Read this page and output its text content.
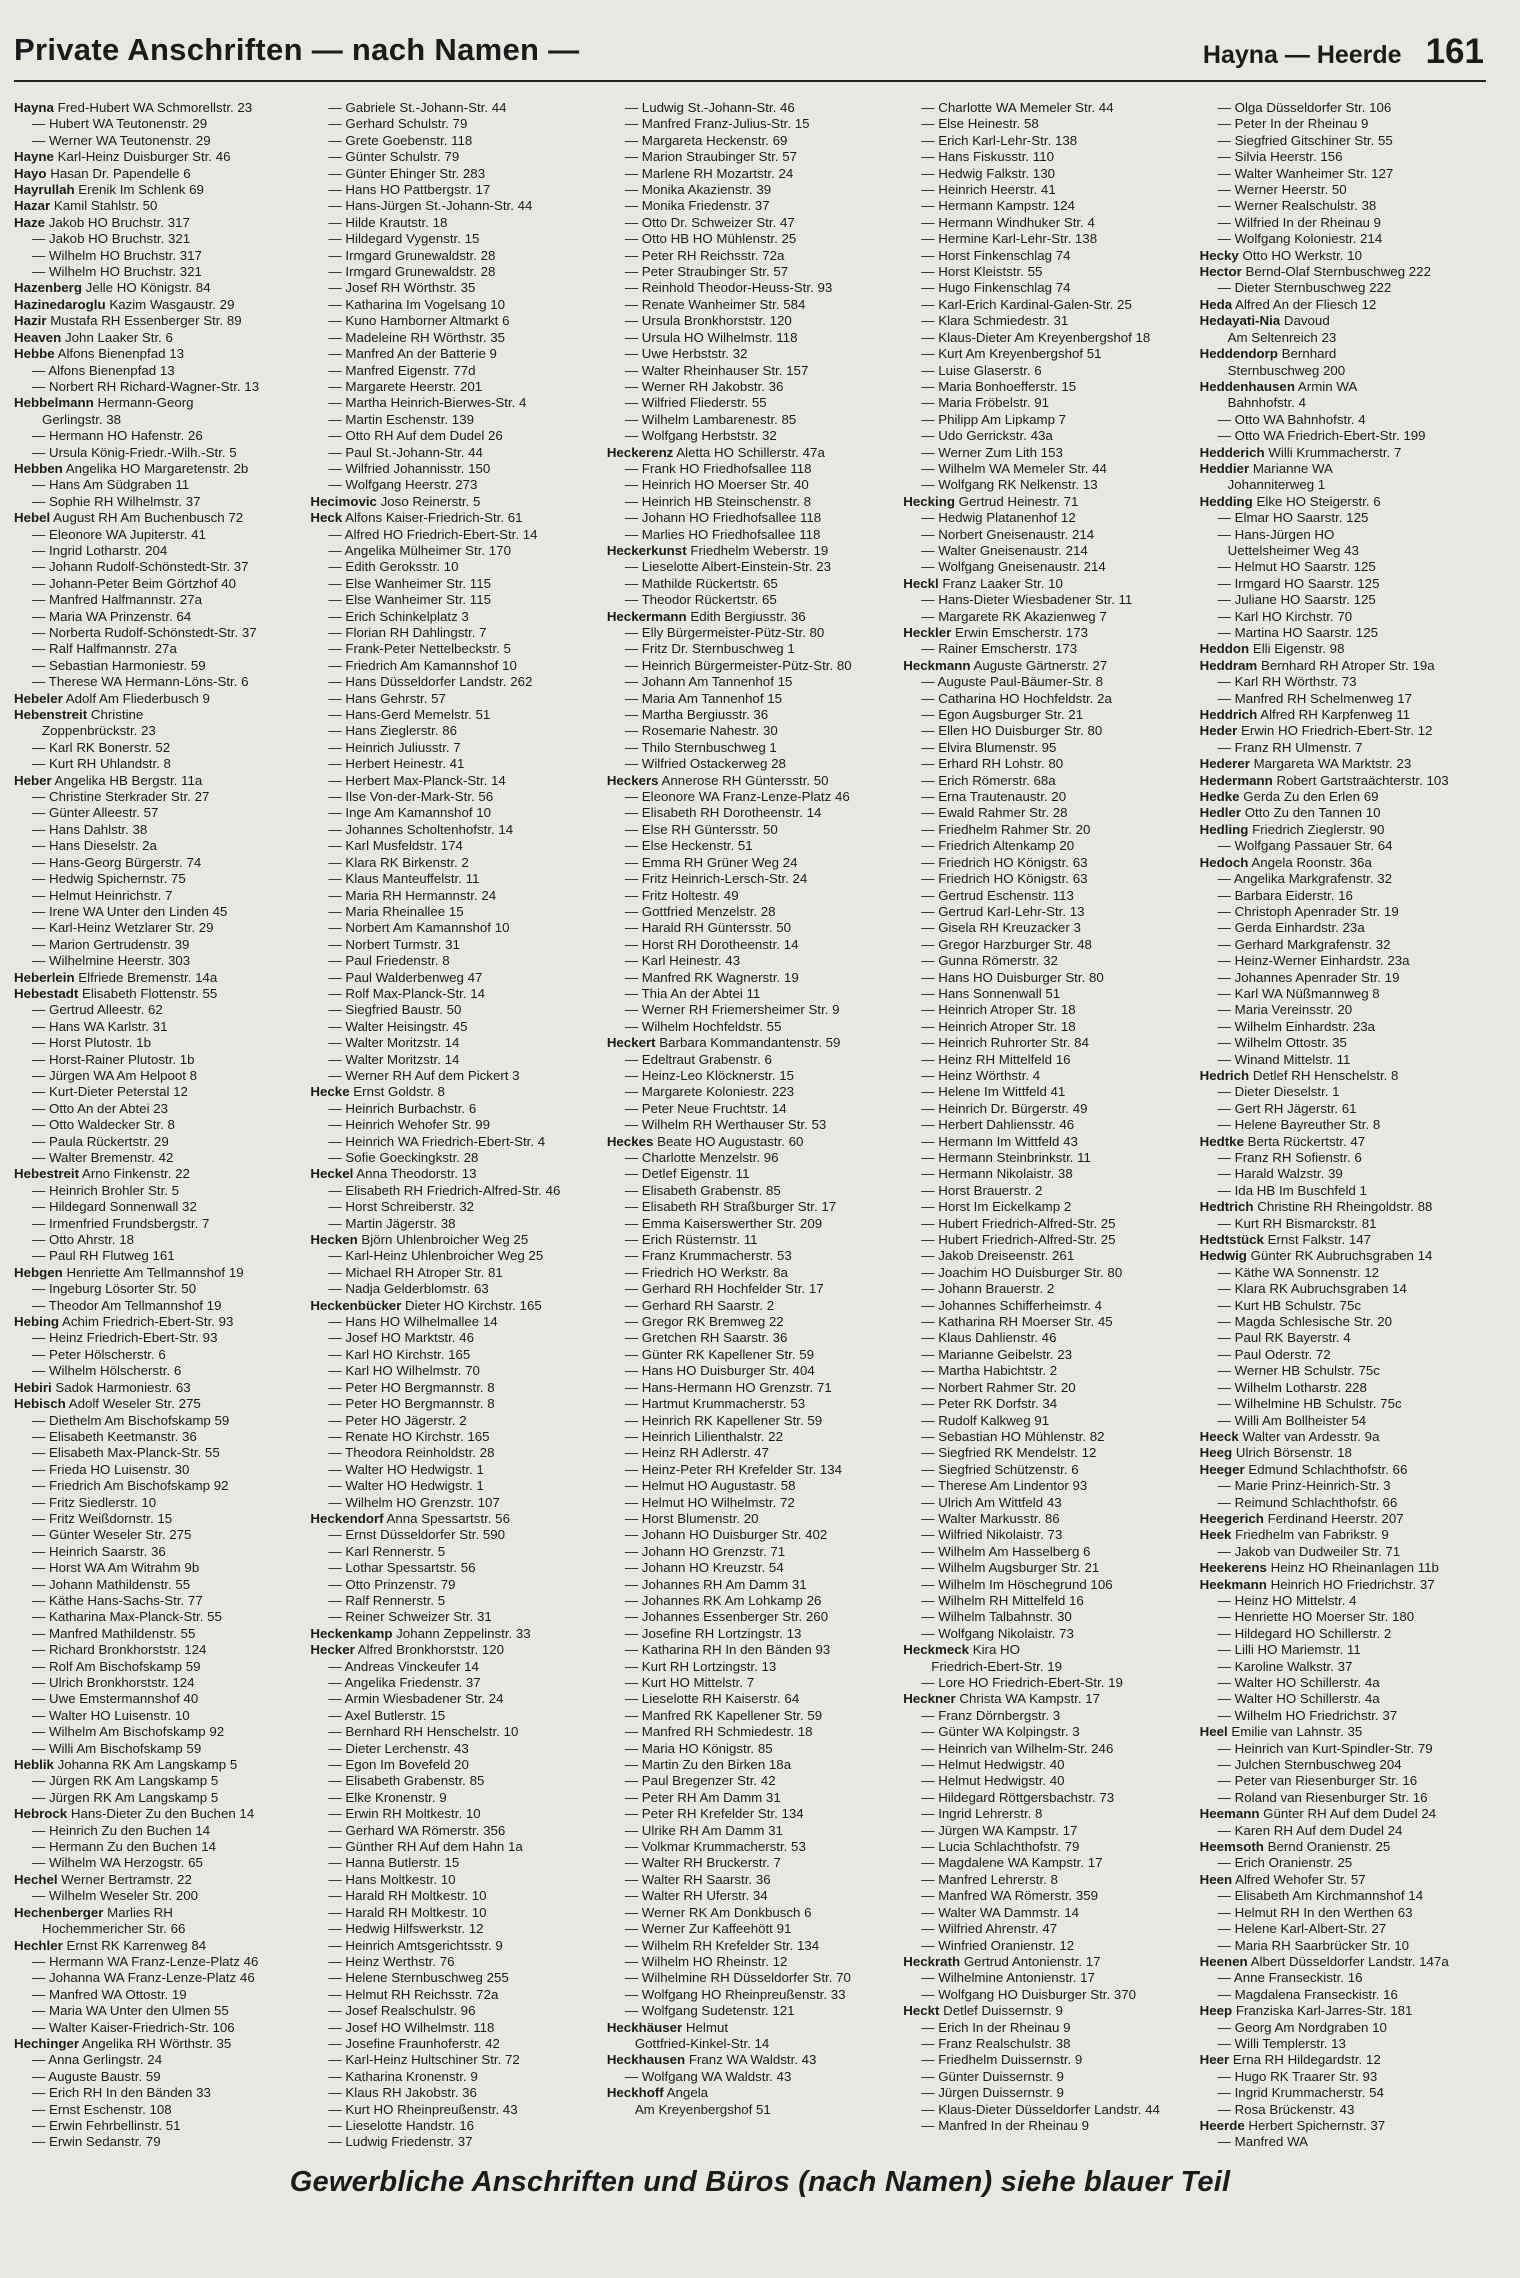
Private Anschriften — nach Namen —	Hayna — Heerde 161
Hayna Fred-Hubert WA Schmorellstr. 23
— Hubert WA Teutonenstr. 29
— Werner WA Teutonenstr. 29
Hayne Karl-Heinz Duisburger Str. 46
Hayo Hasan Dr. Papendelle 6
Hayrullah Erenik Im Schlenk 69
Hazar Kamil Stahlstr. 50
Haze Jakob HO Bruchstr. 317
— Jakob HO Bruchstr. 321
— Wilhelm HO Bruchstr. 317
— Wilhelm HO Bruchstr. 321
Hazenberg Jelle HO Königstr. 84
Hazinedaroglu Kazim Wasgaustr. 29
Hazir Mustafa RH Essenberger Str. 89
Heaven John Laaker Str. 6
Hebbe Alfons Bienenpfad 13
— Alfons Bienenpfad 13
— Norbert RH Richard-Wagner-Str. 13
Hebbelmann Hermann-Georg
Gerlingstr. 38
— Hermann HO Hafenstr. 26
— Ursula König-Friedr.-Wilh.-Str. 5
Hebben Angelika HO Margaretenstr. 2b
— Hans Am Südgraben 11
— Sophie RH Wilhelmstr. 37
Hebel August RH Am Buchenbusch 72
— Eleonore WA Jupiterstr. 41
— Ingrid Lotharstr. 204
— Johann Rudolf-Schönstedt-Str. 37
— Johann-Peter Beim Görtzhof 40
— Manfred Halfmannstr. 27a
— Maria WA Prinzenstr. 64
— Norberta Rudolf-Schönstedt-Str. 37
— Ralf Halfmannstr. 27a
— Sebastian Harmoniestr. 59
— Therese WA Hermann-Löns-Str. 6
Hebeler Adolf Am Fliederbusch 9
Hebenstreit Christine
Zoppenbrückstr. 23
— Karl RK Bonerstr. 52
— Kurt RH Uhlandstr. 8
Heber Angelika HB Bergstr. 11a
— Christine Sterkrader Str. 27
— Günter Alleestr. 57
— Hans Dahlstr. 38
— Hans Dieselstr. 2a
— Hans-Georg Bürgerstr. 74
— Hedwig Spichernstr. 75
— Helmut Heinrichstr. 7
— Irene WA Unter den Linden 45
— Karl-Heinz Wetzlarer Str. 29
— Marion Gertrudenstr. 39
— Wilhelmine Heerstr. 303
Heberlein Elfriede Bremenstr. 14a
Hebestadt Elisabeth Flottenstr. 55
— Gertrud Alleestr. 62
— Hans WA Karlstr. 31
— Horst Plutostr. 1b
— Horst-Rainer Plutostr. 1b
— Jürgen WA Am Helpoot 8
— Kurt-Dieter Peterstal 12
— Otto An der Abtei 23
— Otto Waldecker Str. 8
— Paula Rückertstr. 29
— Walter Bremenstr. 42
Hebestreit Arno Finkenstr. 22
— Heinrich Brohler Str. 5
— Hildegard Sonnenwall 32
— Irmenfried Frundsbergstr. 7
— Otto Ahrstr. 18
— Paul RH Flutweg 161
Hebgen Henriette Am Tellmannshof 19
— Ingeburg Lösorter Str. 50
— Theodor Am Tellmannshof 19
Hebing Achim Friedrich-Ebert-Str. 93
— Heinz Friedrich-Ebert-Str. 93
— Peter Hölscherstr. 6
— Wilhelm Hölscherstr. 6
Hebiri Sadok Harmoniestr. 63
Hebisch Adolf Weseler Str. 275
— Diethelm Am Bischofskamp 59
— Elisabeth Keetmanstr. 36
— Elisabeth Max-Planck-Str. 55
— Frieda HO Luisenstr. 30
— Friedrich Am Bischofskamp 92
— Fritz Siedlerstr. 10
— Fritz Weißdornstr. 15
— Günter Weseler Str. 275
— Heinrich Saarstr. 36
— Horst WA Am Witrahm 9b
— Johann Mathildenstr. 55
— Käthe Hans-Sachs-Str. 77
— Katharina Max-Planck-Str. 55
— Manfred Mathildenstr. 55
— Richard Bronkhorststr. 124
— Rolf Am Bischofskamp 59
— Ulrich Bronkhorststr. 124
— Uwe Emstermannshof 40
— Walter HO Luisenstr. 10
— Wilhelm Am Bischofskamp 92
— Willi Am Bischofskamp 59
Heblik Johanna RK Am Langskamp 5
— Jürgen RK Am Langskamp 5
— Jürgen RK Am Langskamp 5
Hebrock Hans-Dieter Zu den Buchen 14
— Heinrich Zu den Buchen 14
— Hermann Zu den Buchen 14
— Wilhelm WA Herzogstr. 65
Hechel Werner Bertramstr. 22
— Wilhelm Weseler Str. 200
Hechenberger Marlies RH
Hochemmericher Str. 66
Hechler Ernst RK Karrenweg 84
— Hermann WA Franz-Lenze-Platz 46
— Johanna WA Franz-Lenze-Platz 46
— Manfred WA Ottostr. 19
— Maria WA Unter den Ulmen 55
— Walter Kaiser-Friedrich-Str. 106
Hechinger Angelika RH Wörthstr. 35
— Anna Gerlingstr. 24
— Auguste Baustr. 59
— Erich RH In den Bänden 33
— Ernst Eschenstr. 108
— Erwin Fehrbellinstr. 51
— Erwin Sedanstr. 79
— Gabriele St.-Johann-Str. 44
— Gerhard Schulstr. 79
— Grete Goebenstr. 118
— Günter Schulstr. 79
— Günter Ehinger Str. 283
— Hans HO Pattbergstr. 17
— Hans-Jürgen St.-Johann-Str. 44
— Hilde Krautstr. 18
— Hildegard Vygenstr. 15
— Irmgard Grunewaldstr. 28
— Irmgard Grunewaldstr. 28
— Josef RH Wörthstr. 35
— Katharina Im Vogelsang 10
— Kuno Hamborner Altmarkt 6
— Madeleine RH Wörthstr. 35
— Manfred An der Batterie 9
— Manfred Eigenstr. 77d
— Margarete Heerstr. 201
— Martha Heinrich-Bierwes-Str. 4
— Martin Eschenstr. 139
— Otto RH Auf dem Dudel 26
— Paul St.-Johann-Str. 44
— Wilfried Johannisstr. 150
— Wolfgang Heerstr. 273
Hecimovic Joso Reinerstr. 5
Heck Alfons Kaiser-Friedrich-Str. 61
— Alfred HO Friedrich-Ebert-Str. 14
— Angelika Mülheimer Str. 170
— Edith Geroksstr. 10
— Else Wanheimer Str. 115
— Else Wanheimer Str. 115
— Erich Schinkelplatz 3
— Florian RH Dahlingstr. 7
— Frank-Peter Nettelbeckstr. 5
— Friedrich Am Kamannshof 10
— Hans Düsseldorfer Landstr. 262
— Hans Gehrstr. 57
— Hans-Gerd Memelstr. 51
— Hans Zieglerstr. 86
— Heinrich Juliusstr. 7
— Herbert Heinestr. 41
— Herbert Max-Planck-Str. 14
— Ilse Von-der-Mark-Str. 56
— Inge Am Kamannshof 10
— Johannes Scholtenhofstr. 14
— Karl Musfeldstr. 174
— Klara RK Birkenstr. 2
— Klaus Manteuffelstr. 11
— Maria RH Hermannstr. 24
— Maria Rheinallee 15
— Norbert Am Kamannshof 10
— Norbert Turmstr. 31
— Paul Friedenstr. 8
— Paul Walderbenweg 47
— Rolf Max-Planck-Str. 14
— Siegfried Baustr. 50
— Walter Heisingstr. 45
— Walter Moritzstr. 14
— Walter Moritzstr. 14
— Werner RH Auf dem Pickert 3
Hecke Ernst Goldstr. 8
— Heinrich Burbachstr. 6
— Heinrich Wehofer Str. 99
— Heinrich WA Friedrich-Ebert-Str. 4
— Sofie Goeckingkstr. 28
Heckel Anna Theodorstr. 13
— Elisabeth RH Friedrich-Alfred-Str. 46
— Horst Schreiberstr. 32
— Martin Jägerstr. 38
Hecken Björn Uhlenbroicher Weg 25
— Karl-Heinz Uhlenbroicher Weg 25
— Michael RH Atroper Str. 81
— Nadja Gelderblomstr. 63
Heckenbücker Dieter HO Kirchstr. 165
— Hans HO Wilhelmallee 14
— Josef HO Marktstr. 46
— Karl HO Kirchstr. 165
— Karl HO Wilhelmstr. 70
— Peter HO Bergmannstr. 8
— Peter HO Bergmannstr. 8
— Peter HO Jägerstr. 2
— Renate HO Kirchstr. 165
— Theodora Reinholdstr. 28
— Walter HO Hedwigstr. 1
— Walter HO Hedwigstr. 1
— Wilhelm HO Grenzstr. 107
Heckendorf Anna Spessartstr. 56
— Ernst Düsseldorfer Str. 590
— Karl Rennerstr. 5
— Lothar Spessartstr. 56
— Otto Prinzenstr. 79
— Ralf Rennerstr. 5
— Reiner Schweizer Str. 31
Heckenkamp Johann Zeppelinstr. 33
Hecker Alfred Bronkhorststr. 120
— Andreas Vinckeufer 14
— Angelika Friedenstr. 37
— Armin Wiesbadener Str. 24
— Axel Butlerstr. 15
— Bernhard RH Henschelstr. 10
— Dieter Lerchenstr. 43
— Egon Im Bovefeld 20
— Elisabeth Grabenstr. 85
— Elke Kronenstr. 9
— Erwin RH Moltkestr. 10
— Gerhard WA Römerstr. 356
— Günther RH Auf dem Hahn 1a
— Hanna Butlerstr. 15
— Hans Moltkestr. 10
— Harald RH Moltkestr. 10
— Harald RH Moltkestr. 10
— Hedwig Hilfswerkstr. 12
— Heinrich Amtsgerichtsstr. 9
— Heinz Werthstr. 76
— Helene Sternbuschweg 255
— Helmut RH Reichsstr. 72a
— Josef Realschulstr. 96
— Josef HO Wilhelmstr. 118
— Josefine Fraunhoferstr. 42
— Karl-Heinz Hultschiner Str. 72
— Katharina Kronenstr. 9
— Klaus RH Jakobstr. 36
— Kurt HO Rheinpreußenstr. 43
— Lieselotte Handstr. 16
— Ludwig Friedenstr. 37
— Ludwig St.-Johann-Str. 46
— Manfred Franz-Julius-Str. 15
— Margareta Heckenstr. 69
— Marion Straubinger Str. 57
— Marlene RH Mozartstr. 24
— Monika Akazienstr. 39
— Monika Friedenstr. 37
— Otto Dr. Schweizer Str. 47
— Otto HB HO Mühlenstr. 25
— Peter RH Reichsstr. 72a
— Peter Straubinger Str. 57
— Reinhold Theodor-Heuss-Str. 93
— Renate Wanheimer Str. 584
— Ursula Bronkhorststr. 120
— Ursula HO Wilhelmstr. 118
— Uwe Herbststr. 32
— Walter Rheinhauser Str. 157
— Werner RH Jakobstr. 36
— Wilfried Fliederstr. 55
— Wilhelm Lambarenestr. 85
— Wolfgang Herbststr. 32
Heckerenz Aletta HO Schillerstr. 47a
— Frank HO Friedhofsallee 118
— Heinrich HO Moerser Str. 40
— Heinrich HB Steinschenstr. 8
— Johann HO Friedhofsallee 118
— Marlies HO Friedhofsallee 118
Heckerkunst Friedhelm Weberstr. 19
— Lieselotte Albert-Einstein-Str. 23
— Mathilde Rückertstr. 65
— Theodor Rückertstr. 65
Heckermann Edith Bergiusstr. 36
— Elly Bürgermeister-Pütz-Str. 80
— Fritz Dr. Sternbuschweg 1
— Heinrich Bürgermeister-Pütz-Str. 80
— Johann Am Tannenhof 15
— Maria Am Tannenhof 15
— Martha Bergiusstr. 36
— Rosemarie Nahestr. 30
— Thilo Sternbuschweg 1
— Wilfried Ostackerweg 28
Heckers Annerose RH Güntersstr. 50
— Eleonore WA Franz-Lenze-Platz 46
— Elisabeth RH Dorotheenstr. 14
— Else RH Güntersstr. 50
— Else Heckenstr. 51
— Emma RH Grüner Weg 24
— Fritz Heinrich-Lersch-Str. 24
— Fritz Holtestr. 49
— Gottfried Menzelstr. 28
— Harald RH Güntersstr. 50
— Horst RH Dorotheenstr. 14
— Karl Heinestr. 43
— Manfred RK Wagnerstr. 19
— Thia An der Abtei 11
— Werner RH Friemersheimer Str. 9
— Wilhelm Hochfeldstr. 55
Heckert Barbara Kommandantenstr. 59
— Edeltraut Grabenstr. 6
— Heinz-Leo Klöcknerstr. 15
— Margarete Koloniestr. 223
— Peter Neue Fruchtstr. 14
— Wilhelm RH Werthauser Str. 53
Heckes Beate HO Augustastr. 60
— Charlotte Menzelstr. 96
— Detlef Eigenstr. 11
— Elisabeth Grabenstr. 85
— Elisabeth RH Straßburger Str. 17
— Emma Kaiserswerther Str. 209
— Erich Rüsternstr. 11
— Franz Krummacherstr. 53
— Friedrich HO Werkstr. 8a
— Gerhard RH Hochfelder Str. 17
— Gerhard RH Saarstr. 2
— Gregor RK Bremweg 22
— Gretchen RH Saarstr. 36
— Günter RK Kapellener Str. 59
— Hans HO Duisburger Str. 404
— Hans-Hermann HO Grenzstr. 71
— Hartmut Krummacherstr. 53
— Heinrich RK Kapellener Str. 59
— Heinrich Lilienthalstr. 22
— Heinz RH Adlerstr. 47
— Heinz-Peter RH Krefelder Str. 134
— Helmut HO Augustastr. 58
— Helmut HO Wilhelmstr. 72
— Horst Blumenstr. 20
— Johann HO Duisburger Str. 402
— Johann HO Grenzstr. 71
— Johann HO Kreuzstr. 54
— Johannes RH Am Damm 31
— Johannes RK Am Lohkamp 26
— Johannes Essenberger Str. 260
— Josefine RH Lortzingstr. 13
— Katharina RH In den Bänden 93
— Kurt RH Lortzingstr. 13
— Kurt HO Mittelstr. 7
— Lieselotte RH Kaiserstr. 64
— Manfred RK Kapellener Str. 59
— Manfred RH Schmiedestr. 18
— Maria HO Königstr. 85
— Martin Zu den Birken 18a
— Paul Bregenzer Str. 42
— Peter RH Am Damm 31
— Peter RH Krefelder Str. 134
— Ulrike RH Am Damm 31
— Volkmar Krummacherstr. 53
— Walter RH Bruckerstr. 7
— Walter RH Saarstr. 36
— Walter RH Uferstr. 34
— Werner RK Am Donkbusch 6
— Werner Zur Kaffeehött 91
— Wilhelm RH Krefelder Str. 134
— Wilhelm HO Rheinstr. 12
— Wilhelmine RH Düsseldorfer Str. 70
— Wolfgang HO Rheinpreußenstr. 33
— Wolfgang Sudetenstr. 121
Heckhäuser Helmut
Gottfried-Kinkel-Str. 14
Heckhausen Franz WA Waldstr. 43
— Wolfgang WA Waldstr. 43
Heckhoff Angela
Am Kreyenbergshof 51
— Charlotte WA Memeler Str. 44
— Else Heinestr. 58
— Erich Karl-Lehr-Str. 138
— Hans Fiskusstr. 110
— Hedwig Falkstr. 130
— Heinrich Heerstr. 41
— Hermann Kampstr. 124
— Hermann Windhuker Str. 4
— Hermine Karl-Lehr-Str. 138
— Horst Finkenschlag 74
— Horst Kleiststr. 55
— Hugo Finkenschlag 74
— Karl-Erich Kardinal-Galen-Str. 25
— Klara Schmiedestr. 31
— Klaus-Dieter Am Kreyenbergshof 18
— Kurt Am Kreyenbergshof 51
— Luise Glaserstr. 6
— Maria Bonhoefferstr. 15
— Maria Fröbelstr. 91
— Philipp Am Lipkamp 7
— Udo Gerrickstr. 43a
— Werner Zum Lith 153
— Wilhelm WA Memeler Str. 44
— Wolfgang RK Nelkenstr. 13
Hecking Gertrud Heinestr. 71
— Hedwig Platanenhof 12
— Norbert Gneisenaustr. 214
— Walter Gneisenaustr. 214
— Wolfgang Gneisenaustr. 214
Heckl Franz Laaker Str. 10
— Hans-Dieter Wiesbadener Str. 11
— Margarete RK Akazienweg 7
Heckler Erwin Emscherstr. 173
— Rainer Emscherstr. 173
Heckmann Auguste Gärtnerstr. 27
— Auguste Paul-Bäumer-Str. 8
— Catharina HO Hochfeldstr. 2a
— Egon Augsburger Str. 21
— Ellen HO Duisburger Str. 80
— Elvira Blumenstr. 95
— Erhard RH Lohstr. 80
— Erich Römerstr. 68a
— Erna Trautenaustr. 20
— Ewald Rahmer Str. 28
— Friedhelm Rahmer Str. 20
— Friedrich Altenkamp 20
— Friedrich HO Königstr. 63
— Friedrich HO Königstr. 63
— Gertrud Eschenstr. 113
— Gertrud Karl-Lehr-Str. 13
— Gisela RH Kreuzacker 3
— Gregor Harzburger Str. 48
— Gunna Römerstr. 32
— Hans HO Duisburger Str. 80
— Hans Sonnenwall 51
— Heinrich Atroper Str. 18
— Heinrich Atroper Str. 18
— Heinrich Ruhrorter Str. 84
— Heinz RH Mittelfeld 16
— Heinz Wörthstr. 4
— Helene Im Wittfeld 41
— Heinrich Dr. Bürgerstr. 49
— Herbert Dahliensstr. 46
— Hermann Im Wittfeld 43
— Hermann Steinbrinkstr. 11
— Hermann Nikolaistr. 38
— Horst Brauerstr. 2
— Horst Im Eickelkamp 2
— Hubert Friedrich-Alfred-Str. 25
— Hubert Friedrich-Alfred-Str. 25
— Jakob Dreiseenstr. 261
— Joachim HO Duisburger Str. 80
— Johann Brauerstr. 2
— Johannes Schifferheimstr. 4
— Katharina RH Moerser Str. 45
— Klaus Dahlienstr. 46
— Marianne Geibelstr. 23
— Martha Habichtstr. 2
— Norbert Rahmer Str. 20
— Peter RK Dorfstr. 34
— Rudolf Kalkweg 91
— Sebastian HO Mühlenstr. 82
— Siegfried RK Mendelstr. 12
— Siegfried Schützenstr. 6
— Therese Am Lindentor 93
— Ulrich Am Wittfeld 43
— Walter Markusstr. 86
— Wilfried Nikolaistr. 73
— Wilhelm Am Hasselberg 6
— Wilhelm Augsburger Str. 21
— Wilhelm Im Höschegrund 106
— Wilhelm RH Mittelfeld 16
— Wilhelm Talbahnstr. 30
— Wolfgang Nikolaistr. 73
Heckmeck Kira HO
Friedrich-Ebert-Str. 19
— Lore HO Friedrich-Ebert-Str. 19
Heckner Christa WA Kampstr. 17
— Franz Dörnbergstr. 3
— Günter WA Kolpingstr. 3
— Heinrich van Wilhelm-Str. 246
— Helmut Hedwigstr. 40
— Helmut Hedwigstr. 40
— Hildegard Röttgersbachstr. 73
— Ingrid Lehrerstr. 8
— Jürgen WA Kampstr. 17
— Lucia Schlachthofstr. 79
— Magdalene WA Kampstr. 17
— Manfred Lehrerstr. 8
— Manfred WA Römerstr. 359
— Walter WA Dammstr. 14
— Wilfried Ahrenstr. 47
— Winfried Oranienstr. 12
Heckrath Gertrud Antonienstr. 17
— Wilhelmine Antonienstr. 17
— Wolfgang HO Duisburger Str. 370
Heckt Detlef Duissernstr. 9
— Erich In der Rheinau 9
— Franz Realschulstr. 38
— Friedhelm Duissernstr. 9
— Günter Duissernstr. 9
— Jürgen Duissernstr. 9
— Klaus-Dieter Düsseldorfer Landstr. 44
— Manfred In der Rheinau 9
— Olga Düsseldorfer Str. 106
— Peter In der Rheinau 9
— Siegfried Gitschiner Str. 55
— Silvia Heerstr. 156
— Walter Wanheimer Str. 127
— Werner Heerstr. 50
— Werner Realschulstr. 38
— Wilfried In der Rheinau 9
— Wolfgang Koloniestr. 214
Hecky Otto HO Werkstr. 10
Hector Bernd-Olaf Sternbuschweg 222
— Dieter Sternbuschweg 222
Heda Alfred An der Fliesch 12
Hedayati-Nia Davoud
Am Seltenreich 23
Heddendorp Bernhard
Sternbuschweg 200
Heddenhausen Armin WA
Bahnhofstr. 4
— Otto WA Bahnhofstr. 4
— Otto WA Friedrich-Ebert-Str. 199
Hedderich Willi Krummacherstr. 7
Heddier Marianne WA
Johanniterweg 1
Hedding Elke HO Steigerstr. 6
— Elmar HO Saarstr. 125
— Hans-Jürgen HO
Uettelsheimer Weg 43
— Helmut HO Saarstr. 125
— Irmgard HO Saarstr. 125
— Juliane HO Saarstr. 125
— Karl HO Kirchstr. 70
— Martina HO Saarstr. 125
Heddon Elli Eigenstr. 98
Heddram Bernhard RH Atroper Str. 19a
— Karl RH Wörthstr. 73
— Manfred RH Schelmenweg 17
Heddrich Alfred RH Karpfenweg 11
Heder Erwin HO Friedrich-Ebert-Str. 12
— Franz RH Ulmenstr. 7
Hederer Margareta WA Marktstr. 23
Hedermann Robert Gartstraächterstr. 103
Hedke Gerda Zu den Erlen 69
Hedler Otto Zu den Tannen 10
Hedling Friedrich Zieglerstr. 90
— Wolfgang Passauer Str. 64
Hedoch Angela Roonstr. 36a
— Angelika Markgrafenstr. 32
— Barbara Eiderstr. 16
— Christoph Apenrader Str. 19
— Gerda Einhardstr. 23a
— Gerhard Markgrafenstr. 32
— Heinz-Werner Einhardstr. 23a
— Johannes Apenrader Str. 19
— Karl WA Nüßmannweg 8
— Maria Vereinsstr. 20
— Wilhelm Einhardstr. 23a
— Wilhelm Ottostr. 35
— Winand Mittelstr. 11
Hedrich Detlef RH Henschelstr. 8
— Dieter Dieselstr. 1
— Gert RH Jägerstr. 61
— Helene Bayreuther Str. 8
Hedtke Berta Rückertstr. 47
— Franz RH Sofienstr. 6
— Harald Walzstr. 39
— Ida HB Im Buschfeld 1
Hedtrich Christine RH Rheingoldstr. 88
— Kurt RH Bismarckstr. 81
Hedtstück Ernst Falkstr. 147
Hedwig Günter RK Aubruchsgraben 14
— Käthe WA Sonnenstr. 12
— Klara RK Aubruchsgraben 14
— Kurt HB Schulstr. 75c
— Magda Schlesische Str. 20
— Paul RK Bayerstr. 4
— Paul Oderstr. 72
— Werner HB Schulstr. 75c
— Wilhelm Lotharstr. 228
— Wilhelmine HB Schulstr. 75c
— Willi Am Bollheister 54
Heeck Walter van Ardesstr. 9a
Heeg Ulrich Börsenstr. 18
Heeger Edmund Schlachthofstr. 66
— Marie Prinz-Heinrich-Str. 3
— Reimund Schlachthofstr. 66
Heegerich Ferdinand Heerstr. 207
Heek Friedhelm van Fabrikstr. 9
— Jakob van Dudweiler Str. 71
Heekerens Heinz HO Rheinanlagen 11b
Heekmann Heinrich HO Friedrichstr. 37
— Heinz HO Mittelstr. 4
— Henriette HO Moerser Str. 180
— Hildegard HO Schillerstr. 2
— Lilli HO Mariemstr. 11
— Karoline Walkstr. 37
— Walter HO Schillerstr. 4a
— Walter HO Schillerstr. 4a
— Wilhelm HO Friedrichstr. 37
Heel Emilie van Lahnstr. 35
— Heinrich van Kurt-Spindler-Str. 79
— Julchen Sternbuschweg 204
— Peter van Riesenburger Str. 16
— Roland van Riesenburger Str. 16
Heemann Günter RH Auf dem Dudel 24
— Karen RH Auf dem Dudel 24
Heemsoth Bernd Oranienstr. 25
— Erich Oranienstr. 25
Heen Alfred Wehofer Str. 57
— Elisabeth Am Kirchmannshof 14
— Helmut RH In den Werthen 63
— Helene Karl-Albert-Str. 27
— Maria RH Saarbrücker Str. 10
Heenen Albert Düsseldorfer Landstr. 147a
— Anne Franseckistr. 16
— Magdalena Franseckistr. 16
Heep Franziska Karl-Jarres-Str. 181
— Georg Am Nordgraben 10
— Willi Templerstr. 13
Heer Erna RH Hildegardstr. 12
— Hugo RK Traarer Str. 93
— Ingrid Krummacherstr. 54
— Rosa Brückenstr. 43
Heerde Herbert Spichernstr. 37
— Manfred WA
Gewerbliche Anschriften und Büros (nach Namen) siehe blauer Teil
